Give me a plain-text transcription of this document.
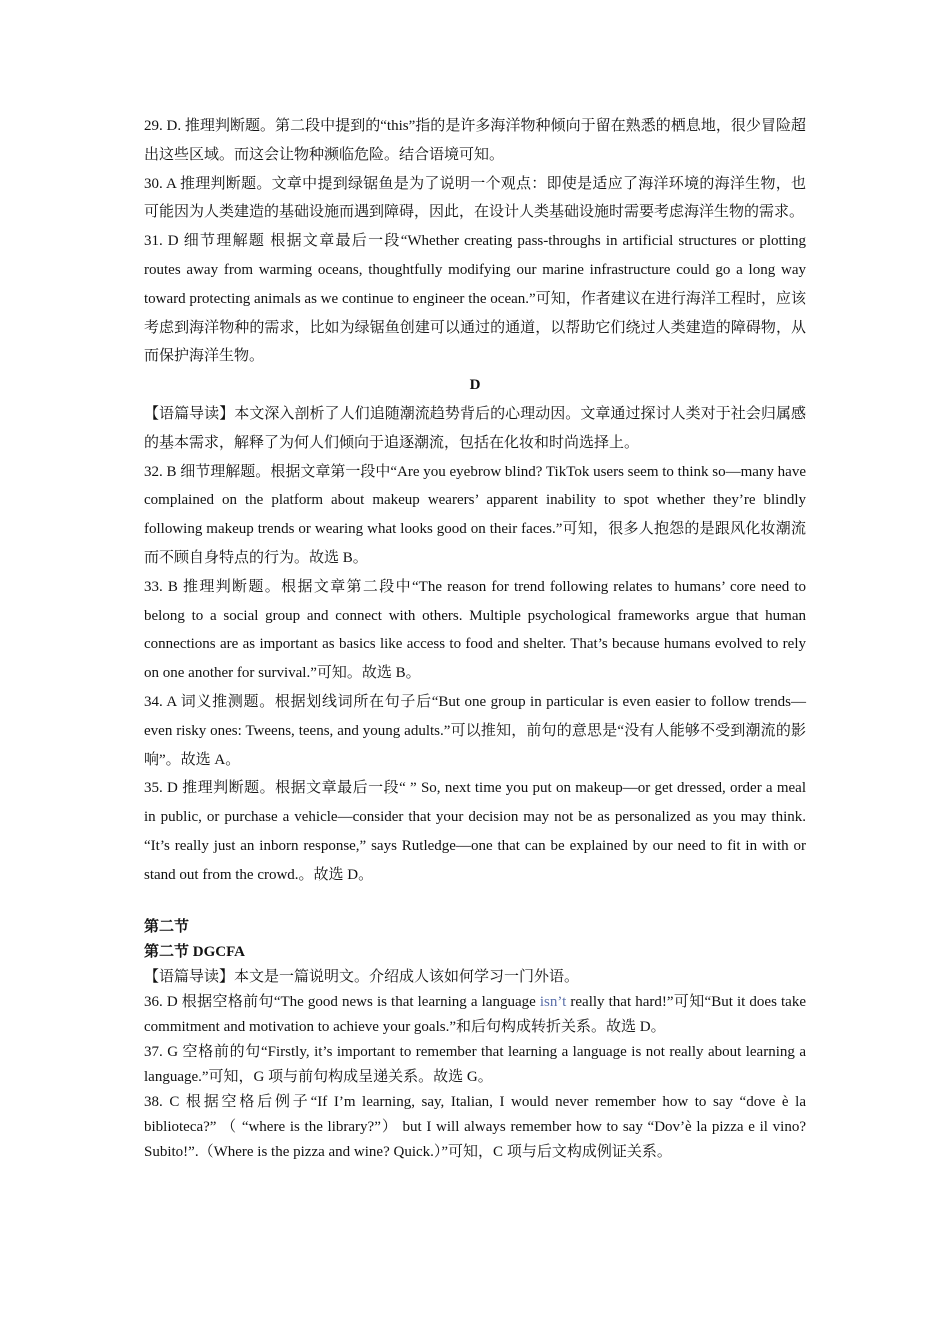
29. D. 推理判断题。第二段中提到的“this”指的是许多海洋物种倾向于留在熟悉的栖息地，很少冒险超出这些区域。而这会让物种濒临危险。结合语境可知。

30. A 推理判断题。文章中提到绿锯鱼是为了说明一个观点：即使是适应了海洋环境的海洋生物，也可能因为人类建造的基础设施而遇到障碍，因此，在设计人类基础设施时需要考虑海洋生物的需求。

31. D 细节理解题 根据文章最后一段“Whether creating pass-throughs in artificial structures or plotting routes away from warming oceans, thoughtfully modifying our marine infrastructure could go a long way toward protecting animals as we continue to engineer the ocean.”可知，作者建议在进行海洋工程时，应该考虑到海洋物种的需求，比如为绿锯鱼创建可以通过的通道，以帮助它们绕过人类建造的障碍物，从而保护海洋生物。

D

【语篇导读】本文深入剖析了人们追随潮流趋势背后的心理动因。文章通过探讨人类对于社会归属感的基本需求，解释了为何人们倾向于追逐潮流，包括在化妆和时尚选择上。

32. B 细节理解题。根据文章第一段中“Are you eyebrow blind? TikTok users seem to think so—many have complained on the platform about makeup wearers’ apparent inability to spot whether they’re blindly following makeup trends or wearing what looks good on their faces.”可知，很多人抱怨的是跟风化妆潮流而不顾自身特点的行为。故选 B。

33. B 推理判断题。根据文章第二段中“The reason for trend following relates to humans’ core need to belong to a social group and connect with others. Multiple psychological frameworks argue that human connections are as important as basics like access to food and shelter. That’s because humans evolved to rely on one another for survival.”可知。故选 B。

34. A 词义推测题。根据划线词所在句子后“But one group in particular is even easier to follow trends—even risky ones: Tweens, teens, and young adults.”可以推知，前句的意思是“没有人能够不受到潮流的影响”。故选 A。

35. D 推理判断题。根据文章最后一段“ ” So, next time you put on makeup—or get dressed, order a meal in public, or purchase a vehicle—consider that your decision may not be as personalized as you may think. “It’s really just an inborn response,” says Rutledge—one that can be explained by our need to fit in with or stand out from the crowd.。故选 D。

第二节

第二节 DGCFA

【语篇导读】本文是一篇说明文。介绍成人该如何学习一门外语。

36. D 根据空格前句“The good news is that learning a language isn’t really that hard!”可知“But it does take commitment and motivation to achieve your goals.”和后句构成转折关系。故选 D。

37. G 空格前的句“Firstly, it’s important to remember that learning a language is not really about learning a language.”可知，G 项与前句构成呈递关系。故选 G。

38. C 根据空格后例子“If I’m learning, say, Italian, I would never remember how to say “dove è la biblioteca?” （ “where is the library?”） but I will always remember how to say “Dov’è la pizza e il vino? Subito!”.（Where is the pizza and wine? Quick.）”可知，C 项与后文构成例证关系。
